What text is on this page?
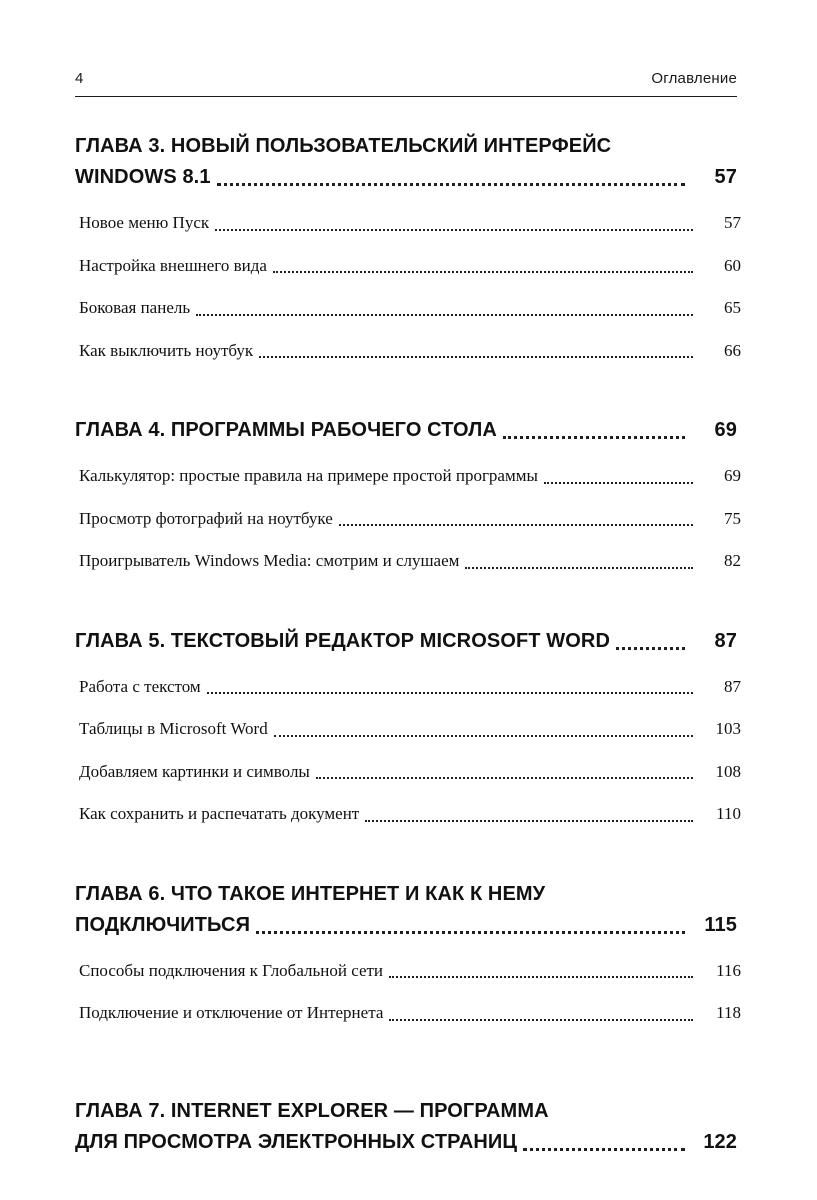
4	Оглавление
ГЛАВА 3. НОВЫЙ ПОЛЬЗОВАТЕЛЬСКИЙ ИНТЕРФЕЙС
WINDOWS 8.1	57
Новое меню Пуск	57
Настройка внешнего вида	60
Боковая панель	65
Как выключить ноутбук	66
ГЛАВА 4. ПРОГРАММЫ РАБОЧЕГО СТОЛА	69
Калькулятор: простые правила на примере простой программы	69
Просмотр фотографий на ноутбуке	75
Проигрыватель Windows Media: смотрим и слушаем	82
ГЛАВА 5. ТЕКСТОВЫЙ РЕДАКТОР MICROSOFT WORD	87
Работа с текстом	87
Таблицы в Microsoft Word	103
Добавляем картинки и символы	108
Как сохранить и распечатать документ	110
ГЛАВА 6. ЧТО ТАКОЕ ИНТЕРНЕТ И КАК К НЕМУ
ПОДКЛЮЧИТЬСЯ	115
Способы подключения к Глобальной сети	116
Подключение и отключение от Интернета	118
ГЛАВА 7. INTERNET EXPLORER — ПРОГРАММА
ДЛЯ ПРОСМОТРА ЭЛЕКТРОННЫХ СТРАНИЦ	122
